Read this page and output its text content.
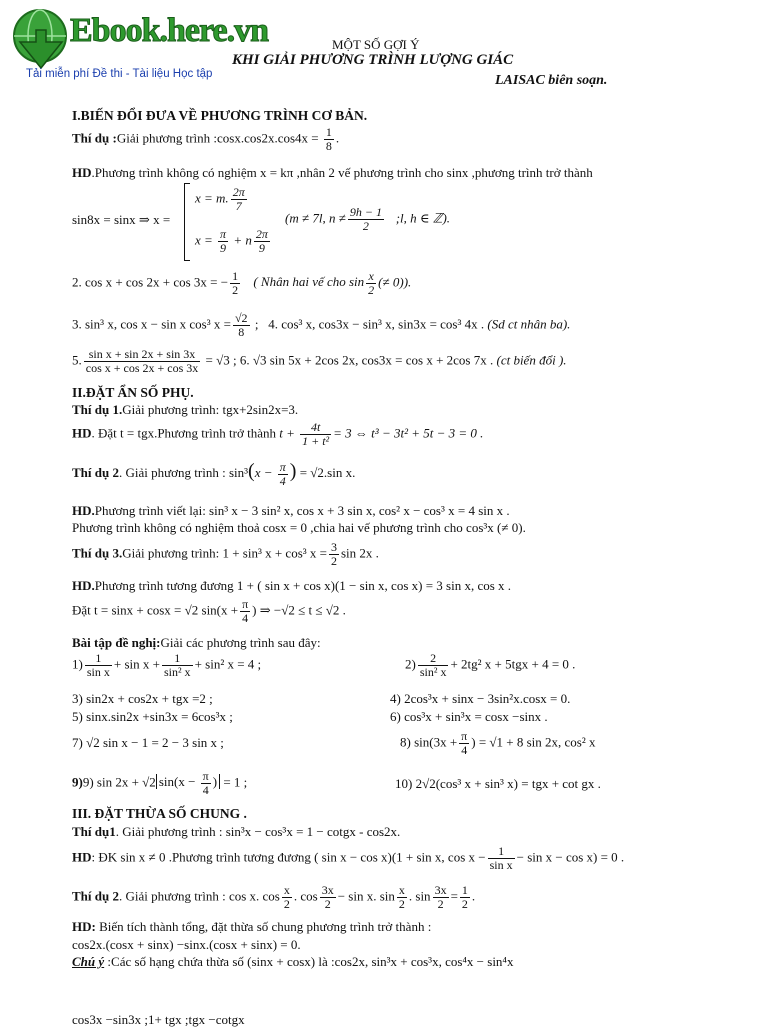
Ebook.here.vn
Tải miễn phí Đề thi - Tài liệu Học tập
MỘT SỐ GỢI Ý
KHI GIẢI PHƯƠNG TRÌNH LƯỢNG GIÁC
LAISAC biên soạn.
I.BIẾN ĐỔI ĐƯA VỀ PHƯƠNG TRÌNH CƠ BẢN.
Thí dụ :Giải phương trình :cosx.cos2x.cos4x = $\frac{1}{8}$ .
HD.Phương trình không có nghiệm x = kπ ,nhân 2 vế phương trình cho sinx ,phương trình trở thành
sin8x = sinx ⇒ x =
x = m. $\frac{2\pi}{7}$
$x = \frac{\pi}{9} + n \frac{2\pi}{9}$
(m ≠ 7l, $n \ne \frac{9h - 1}{2}$ ;l, h ∈ ℤ).
2. cos x + cos 2x + cos 3x = − $\frac{1}{2}$ ( Nhân hai vế cho $\sin \frac{x}{2}$ (≠ 0)).
3. sin³ x, cos x − sin x cos³ $x = \frac{√2}{8}$ ;   4. cos³ x, cos3x − sin³ x, sin3x = cos³ 4x . (Sd ct nhân ba).
5. $\frac{\text{sin x + sin 2x + sin 3x}}{\text{cos x + cos 2x + cos 3x}} = √3$ ; 6. √3 sin 5x + 2cos 2x, cos3x = cos x + 2cos 7x . (ct biến đổi ).
II.ĐẶT ẨN SỐ PHỤ.
Thí dụ 1.Giải phương trình: tgx+2sin2x=3.
HD. Đặt t = tgx.Phương trình trở thành $t + \frac{4t}{\text{1 + t²}} = 3$ ⇔ t³ − 3t² + 5t − 3 = 0 .
Thí dụ 2. Giải phương trình : $\sin^3(x - \frac{\pi}{4}$ ) = √2.sin x.
HD.Phương trình viết lại: sin³ x − 3 sin² x, cos x + 3 sin x, cos² x − cos³ x = 4 sin x .
Phương trình không có nghiệm thoả cosx = 0 ,chia hai vế phương trình cho cos³x (≠ 0).
Thí dụ 3.Giải phương trình: 1 + sin³ x + cos³ $x = \frac{3}{2}$ sin 2x .
HD.Phương trình tương đương 1 + ( sin x + cos x)(1 − sin x, cos x) = 3 sin x, cos x .
Đặt t = sinx + cosx = √2 $\sin(x + \frac{\pi}{4}$ ) ⇒ −√2 ≤ t ≤ √2 .
Bài tập đề nghị:Giải các phương trình sau đây:
$1) \frac{1}{\text{sin x}} + \sin x + \frac{1}{\text{sin² x}} + \sin^2$ x = 4 ;	$2) \frac{2}{\text{sin² x}} + 2tg^2$ x + 5tgx + 4 = 0 .
3) sin2x + cos2x + tgx =2 ;	4) 2cos³x + sinx − 3sin²x.cosx = 0.
5) sinx.sin2x +sin3x = 6cos³x ;	6) cos³x + sin³x = cosx −sinx .
7) √2 sin x − 1 = 2 − 3 sin x ;	8) $\sin(3x + \frac{\pi}{4}$ ) = √1 + 8 sin 2x, cos² x
9)9) sin 2x + √2 $\sin(x - \frac{\pi}{4}$ ) = 1 ;	10) 2√2(cos³ x + sin³ x) = tgx + cot gx .
III. ĐẶT THỪA SỐ CHUNG .
Thí dụ1. Giải phương trình : sin³x − cos³x = 1 − cotgx - cos2x.
HD: ĐK sin x ≠ 0 .Phương trình tương đương ( sin x − cos x)(1 + sin x, $\cos x - \frac{1}{\text{sin x}} - \sin x - \cos x) = 0$ .
Thí dụ 2. Giải phương trình : cos x. $\cos \frac{x}{2}$ . $\cos \frac{3x}{2} - \sin x$. $\sin \frac{x}{2}$ . $\sin \frac{3x}{2} = \frac{1}{2}$ .
HD: Biến tích thành tổng, đặt thừa số chung phương trình trở thành :
cos2x.(cosx + sinx) −sinx.(cosx + sinx) = 0.
Chú ý :Các số hạng chứa thừa số (sinx + cosx) là :cos2x, sin³x + cos³x, cos⁴x − sin⁴x
cos3x −sin3x ;1+ tgx ;tgx −cotgx
